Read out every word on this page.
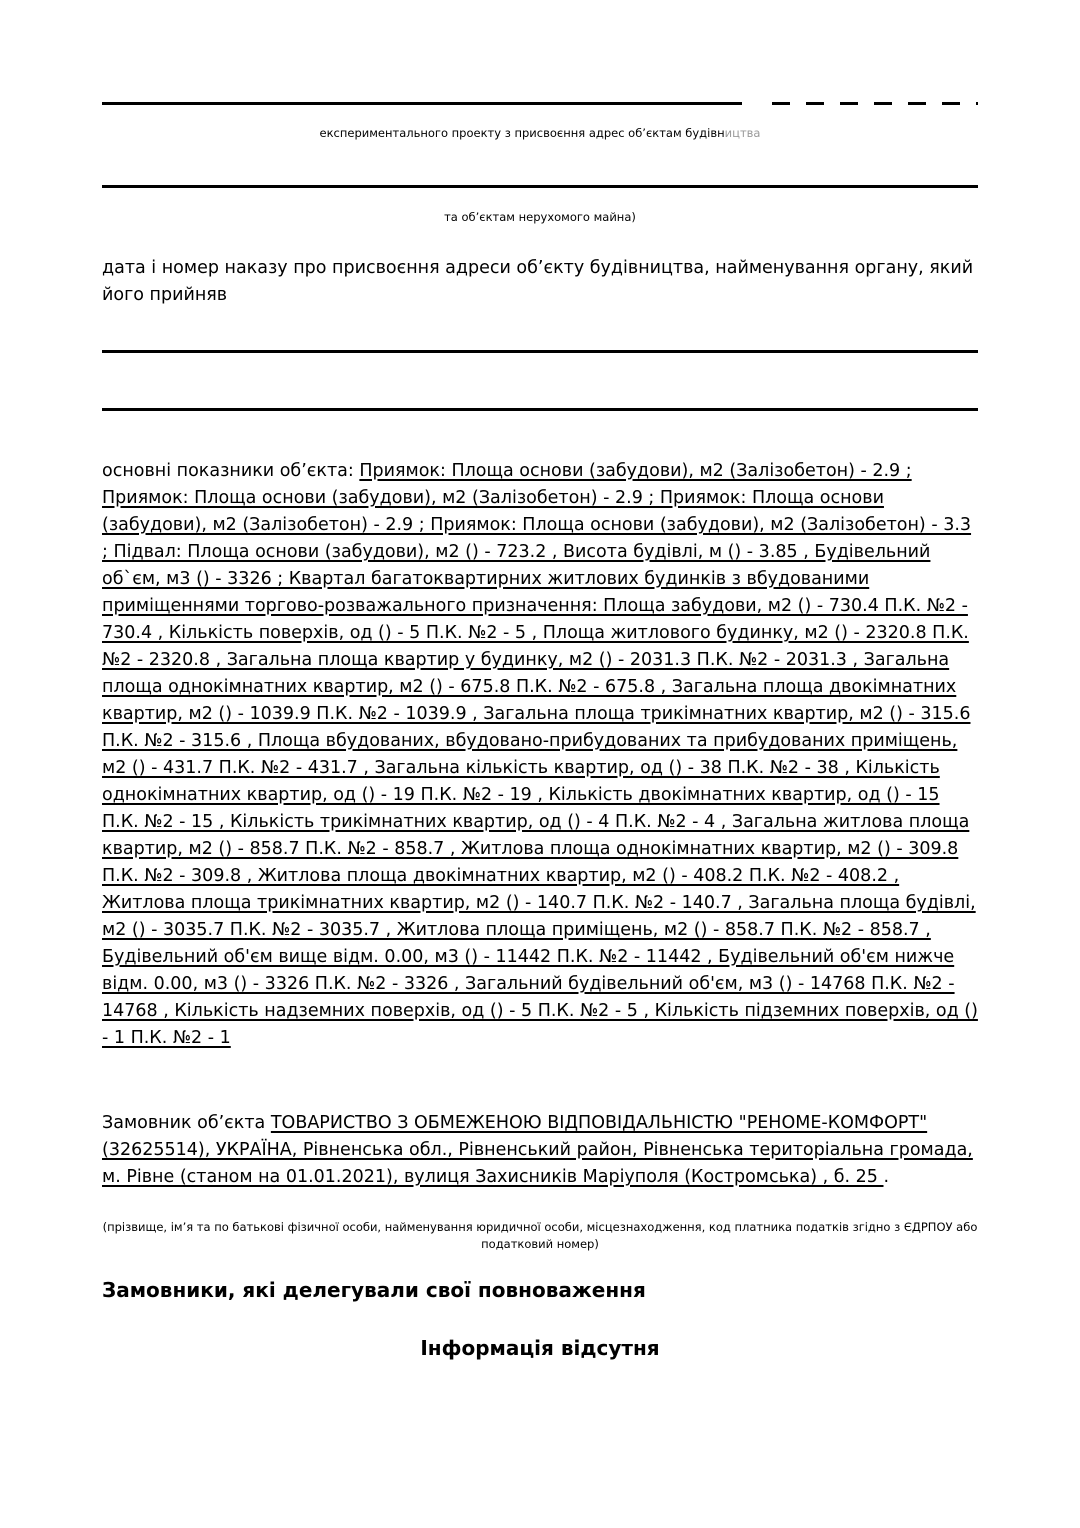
експериментального проекту з присвоєння адрес об’єктам будівництва
та об’єктам нерухомого майна)
дата і номер наказу про присвоєння адреси об’єкту будівництва, найменування органу, який його прийняв
основні показники об’єкта: Приямок: Площа основи (забудови), м2 (Залізобетон) - 2.9 ; Приямок: Площа основи (забудови), м2 (Залізобетон) - 2.9 ; Приямок: Площа основи (забудови), м2 (Залізобетон) - 2.9 ; Приямок: Площа основи (забудови), м2 (Залізобетон) - 3.3 ; Підвал: Площа основи (забудови), м2 () - 723.2 , Висота будівлі, м () - 3.85 , Будівельний об`єм, м3 () - 3326 ; Квартал багатоквартирних житлових будинків з вбудованими приміщеннями торгово-розважального призначення: Площа забудови, м2 () - 730.4 П.К. №2 - 730.4 , Кількість поверхів, од () - 5 П.К. №2 - 5 , Площа житлового будинку, м2 () - 2320.8 П.К. №2 - 2320.8 , Загальна площа квартир у будинку, м2 () - 2031.3 П.К. №2 - 2031.3 , Загальна площа однокімнатних квартир, м2 () - 675.8 П.К. №2 - 675.8 , Загальна площа двокімнатних квартир, м2 () - 1039.9 П.К. №2 - 1039.9 , Загальна площа трикімнатних квартир, м2 () - 315.6 П.К. №2 - 315.6 , Площа вбудованих, вбудовано-прибудованих та прибудованих приміщень, м2 () - 431.7 П.К. №2 - 431.7 , Загальна кількість квартир, од () - 38 П.К. №2 - 38 , Кількість однокімнатних квартир, од () - 19 П.К. №2 - 19 , Кількість двокімнатних квартир, од () - 15 П.К. №2 - 15 , Кількість трикімнатних квартир, од () - 4 П.К. №2 - 4 , Загальна житлова площа квартир, м2 () - 858.7 П.К. №2 - 858.7 , Житлова площа однокімнатних квартир, м2 () - 309.8 П.К. №2 - 309.8 , Житлова площа двокімнатних квартир, м2 () - 408.2 П.К. №2 - 408.2 , Житлова площа трикімнатних квартир, м2 () - 140.7 П.К. №2 - 140.7 , Загальна площа будівлі, м2 () - 3035.7 П.К. №2 - 3035.7 , Житлова площа приміщень, м2 () - 858.7 П.К. №2 - 858.7 , Будівельний об'єм вище відм. 0.00, м3 () - 11442 П.К. №2 - 11442 , Будівельний об'єм нижче відм. 0.00, м3 () - 3326 П.К. №2 - 3326 , Загальний будівельний об'єм, м3 () - 14768 П.К. №2 - 14768 , Кількість надземних поверхів, од () - 5 П.К. №2 - 5 , Кількість підземних поверхів, од () - 1 П.К. №2 - 1
Замовник об’єкта ТОВАРИСТВО З ОБМЕЖЕНОЮ ВІДПОВІДАЛЬНІСТЮ "РЕНОМЕ-КОМФОРТ" (32625514), УКРАЇНА, Рівненська обл., Рівненський район, Рівненська територіальна громада, м. Рівне (станом на 01.01.2021), вулиця Захисників Маріуполя (Костромська) , б. 25 .
(прізвище, ім’я та по батькові фізичної особи, найменування юридичної особи, місцезнаходження, код платника податків згідно з ЄДРПОУ або податковий номер)
Замовники, які делегували свої повноваження
Інформація відсутня
